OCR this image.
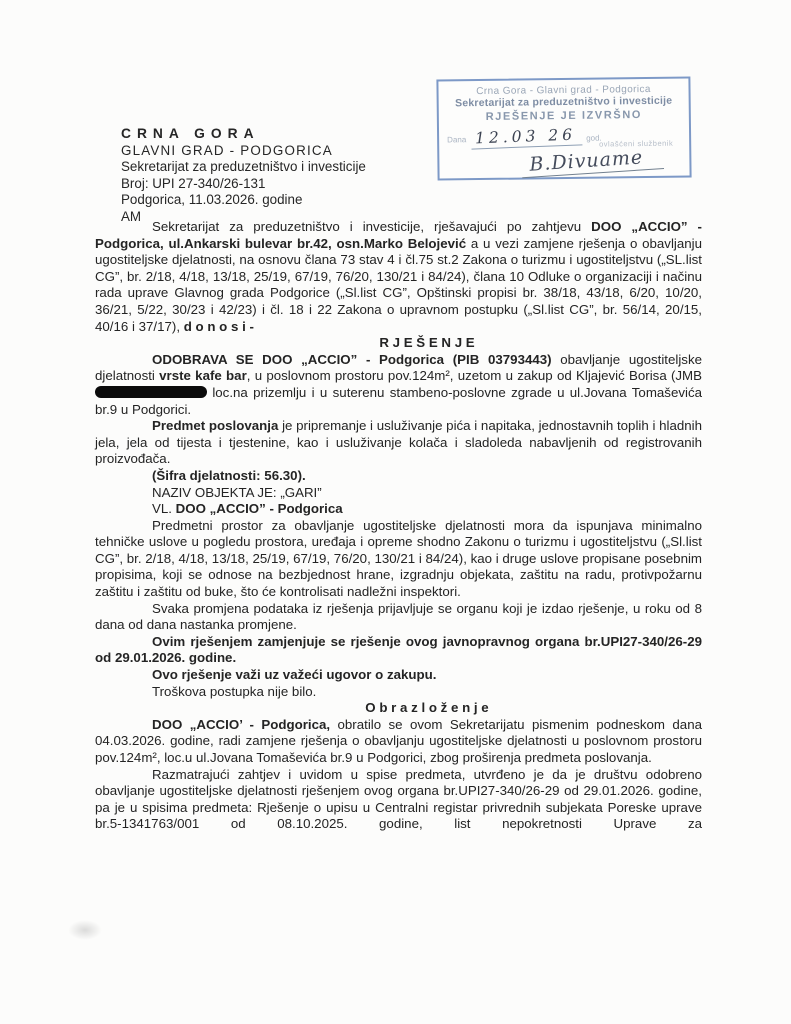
CRNA GORA
GLAVNI GRAD - PODGORICA
Sekretarijat za preduzetništvo i investicije
Broj: UPI 27-340/26-131
Podgorica, 11.03.2026. godine
AM
Crna Gora - Glavni grad - Podgorica
Sekretarijat za preduzetništvo i investicije
RJEŠENJE JE IZVRŠNO
Dana 12.03 26 god.
ovlašćeni službenik
B.Divuame

Sekretarijat za preduzetništvo i investicije, rješavajući po zahtjevu DOO „ACCIO” - Podgorica, ul.Ankarski bulevar br.42, osn.Marko Belojević a u vezi zamjene rješenja o obavljanju ugostiteljske djelatnosti, na osnovu člana 73 stav 4 i čl.75 st.2 Zakona o turizmu i ugostiteljstvu („SL.list CG”, br. 2/18, 4/18, 13/18, 25/19, 67/19, 76/20, 130/21 i 84/24), člana 10 Odluke o organizaciji i načinu rada uprave Glavnog grada Podgorice („Sl.list CG”, Opštinski propisi br. 38/18, 43/18, 6/20, 10/20, 36/21, 5/22, 30/23 i 42/23) i čl. 18 i 22 Zakona o upravnom postupku („Sl.list CG”, br. 56/14, 20/15, 40/16 i 37/17), d o n o s i -

R J E Š E N J E

ODOBRAVA SE DOO „ACCIO” - Podgorica (PIB 03793443) obavljanje ugostiteljske djelatnosti vrste kafe bar, u poslovnom prostoru pov.124m², uzetom u zakup od Kljajević Borisa (JMB  loc.na prizemlju i u suterenu stambeno-poslovne zgrade u ul.Jovana Tomaševića br.9 u Podgorici.

Predmet poslovanja je pripremanje i usluživanje pića i napitaka, jednostavnih toplih i hladnih jela, jela od tijesta i tjestenine, kao i usluživanje kolača i sladoleda nabavljenih od registrovanih proizvođača.

(Šifra djelatnosti: 56.30).

NAZIV OBJEKTA JE: „GARI”

VL. DOO „ACCIO” - Podgorica

Predmetni prostor za obavljanje ugostiteljske djelatnosti mora da ispunjava minimalno tehničke uslove u pogledu prostora, uređaja i opreme shodno Zakonu o turizmu i ugostiteljstvu („Sl.list CG”, br. 2/18, 4/18, 13/18, 25/19, 67/19, 76/20, 130/21 i 84/24), kao i druge uslove propisane posebnim propisima, koji se odnose na bezbjednost hrane, izgradnju objekata, zaštitu na radu, protivpožarnu zaštitu i zaštitu od buke, što će kontrolisati nadležni inspektori.

Svaka promjena podataka iz rješenja prijavljuje se organu koji je izdao rješenje, u roku od 8 dana od dana nastanka promjene.

Ovim rješenjem zamjenjuje se rješenje ovog javnopravnog organa br.UPI27-340/26-29 od 29.01.2026. godine.

Ovo rješenje važi uz važeći ugovor o zakupu.

Troškova postupka nije bilo.

O b r a z l o ž e n j e

DOO „ACCIO’ - Podgorica, obratilo se ovom Sekretarijatu pismenim podneskom dana 04.03.2026. godine, radi zamjene rješenja o obavljanju ugostiteljske djelatnosti u poslovnom prostoru pov.124m², loc.u ul.Jovana Tomaševića br.9 u Podgorici, zbog proširenja predmeta poslovanja.

Razmatrajući zahtjev i uvidom u spise predmeta, utvrđeno je da je društvu odobreno obavljanje ugostiteljske djelatnosti rješenjem ovog organa br.UPI27-340/26-29 od 29.01.2026. godine, pa je u spisima predmeta: Rješenje o upisu u Centralni registar privrednih subjekata Poreske uprave br.5-1341763/001 od 08.10.2025. godine, list nepokretnosti Uprave za
